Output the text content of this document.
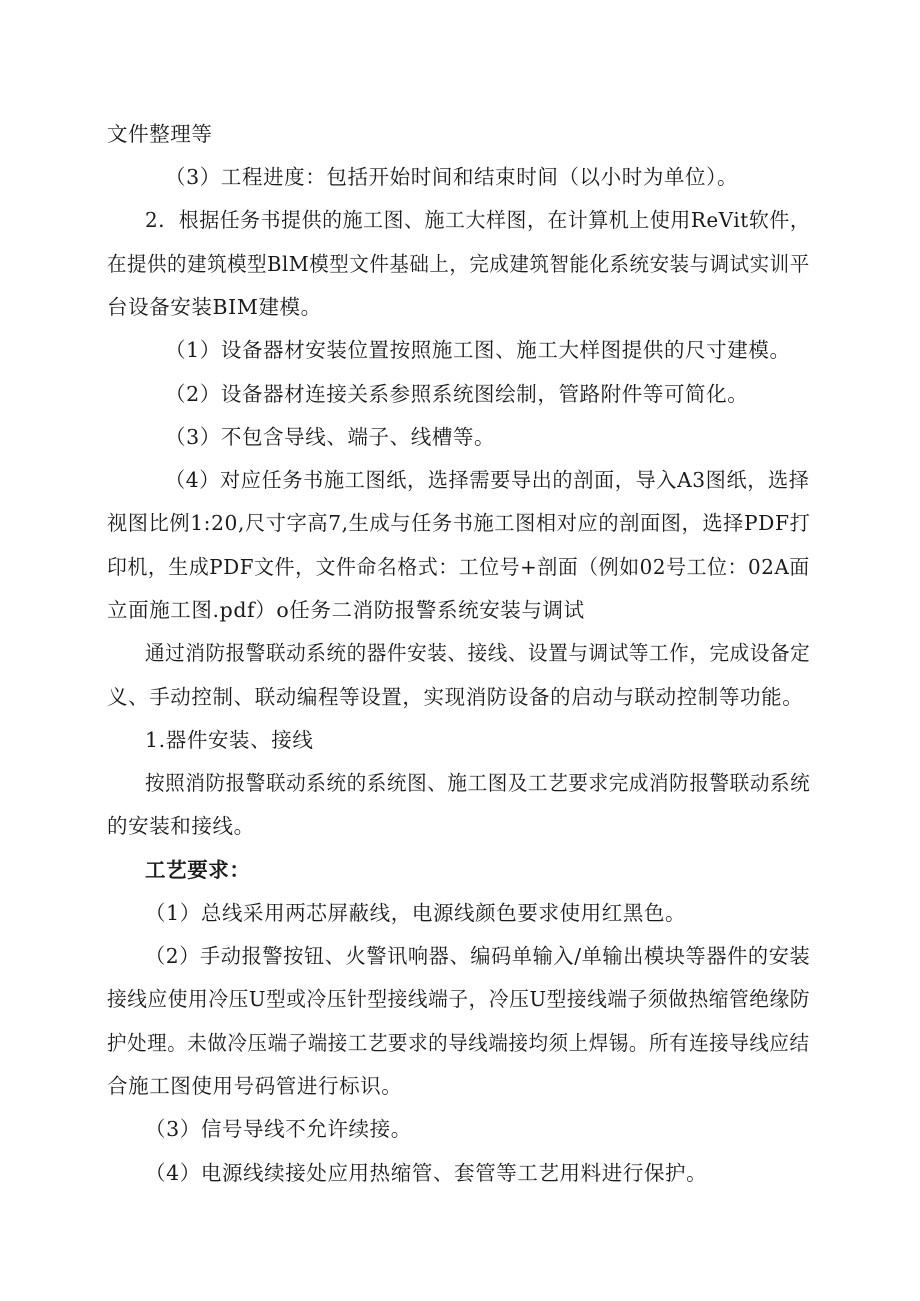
文件整理等
（3）工程进度：包括开始时间和结束时间（以小时为单位）。
2．根据任务书提供的施工图、施工大样图，在计算机上使用ReVit软件，
在提供的建筑模型BlM模型文件基础上，完成建筑智能化系统安装与调试实训平
台设备安装BIM建模。
（1）设备器材安装位置按照施工图、施工大样图提供的尺寸建模。
（2）设备器材连接关系参照系统图绘制，管路附件等可简化。
（3）不包含导线、端子、线槽等。
（4）对应任务书施工图纸，选择需要导出的剖面，导入A3图纸，选择
视图比例1:20,尺寸字高7,生成与任务书施工图相对应的剖面图，选择PDF打
印机，生成PDF文件，文件命名格式：工位号+剖面（例如02号工位：02A面
立面施工图.pdf）o任务二消防报警系统安装与调试
通过消防报警联动系统的器件安装、接线、设置与调试等工作，完成设备定
义、手动控制、联动编程等设置，实现消防设备的启动与联动控制等功能。
1.器件安装、接线
按照消防报警联动系统的系统图、施工图及工艺要求完成消防报警联动系统
的安装和接线。
工艺要求：
（1）总线采用两芯屏蔽线，电源线颜色要求使用红黑色。
（2）手动报警按钮、火警讯响器、编码单输入/单输出模块等器件的安装
接线应使用冷压U型或冷压针型接线端子，冷压U型接线端子须做热缩管绝缘防
护处理。未做冷压端子端接工艺要求的导线端接均须上焊锡。所有连接导线应结
合施工图使用号码管进行标识。
（3）信号导线不允许续接。
（4）电源线续接处应用热缩管、套管等工艺用料进行保护。
